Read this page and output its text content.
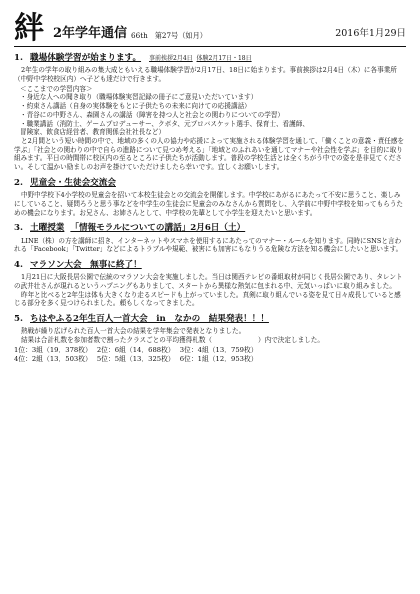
絆 2年学年通信 66th 第27号（如月）	2016年1月29日
1. 職場体験学習が始まります。 事前挨拶2月4日 体験2月17日・18日

2年生の学年の取り組みの集大成ともいえる職場体験学習が2月17日、18日に始まります。事前挨拶は2月4日（木）に各事業所（中野中学校校区内）へ子ども達だけで行きます。

＜ここまでの学習内容＞
・身近な人への聞き取り（職場体験実習記録の冊子にご意見いただいています）
・約束さん講話（自身の実体験をもとに子供たちの未来に向けての応援講話）
・青谷にの中野さん、森園さんの講話（障害を持つ人と社会との関わりについての学習）
・職業講話（消防士、ゲームプロデューサー、クボタ、元プロバスケット選手、保育士、看護師、
冒険家、飲食店経営者、教育関係会社社長など）

と2月間という短い時間の中で、地域の多くの人の協力や応援によって実施される体験学習を通して、「働くことの意義・責任感を学ぶ」「社会との関わりの中で自らの進路について見つめ考える」「地域とのふれあいを通してマナーや社会性を学ぶ」を目的に取り組みます。平日の時間帯に校区内の至るところに子供たちが活動します。普段の学校生活とは全くちがう中での姿を是非見てください。そして温かい励ましのお声を掛けていただけましたら幸いです。宜しくお願いします。

2. 児童会・生徒会交流会

中野中学校下4小学校の児童会を招いて本校生徒会との交流会を開催します。中学校にあがるにあたって不安に思うこと、楽しみにしていること、疑問ろうと思う事などを中学生の生徒会に児童会のみなさんから質問をし、入学前に中野中学校を知ってもらうための機会になります。お兄さん、お姉さんとして、中学校の先輩として小学生を迎えたいと思います。

3. 土曜授業
「情報モラルについての講話」2月6日（土）

LINE（株）の方を講師に招き、インターネットやスマホを使用するにあたってのマナー・ルールを知ります。同時にSNSと言われる「Facebook」「Twitter」などによるトラブルや規範、被害にも加害にもなりうる危険な方法を知る機会にしたいと思います。

4. マラソン大会　無事に終了！

1月21日に大阪長居公園で伝統のマラソン大会を実施しました。当日は関西テレビの番組取材が同じく長居公園であり、タレントの武井壮さんが現れるというハプニングもありまして、スタートから異様な熱気に包まれる中、元気いっぱいに取り組みました。

昨年と比べると2年生は体も大きくなり走るスピードも上がっていました。真剣に取り組んでいる姿を見て日々成長していると感じる部分を多く見つけられました。頼もしくなってきました。

5. ちはやふる2年生百人一首大会　in　なかの　結果発表！！！

熱戦が繰り広げられた百人一首大会の結果を学年集会で発表となりました。

結果は合計札数を参加者数で割ったクラスごとの平均獲得札数（	）内で決定しました。

1位：3組（19．378枚） 2位：6組（14．688枚） 3位：4組（13．759枚）
4位：2組（13．503枚） 5位：5組（13．325枚） 6位：1組（12．953枚）
